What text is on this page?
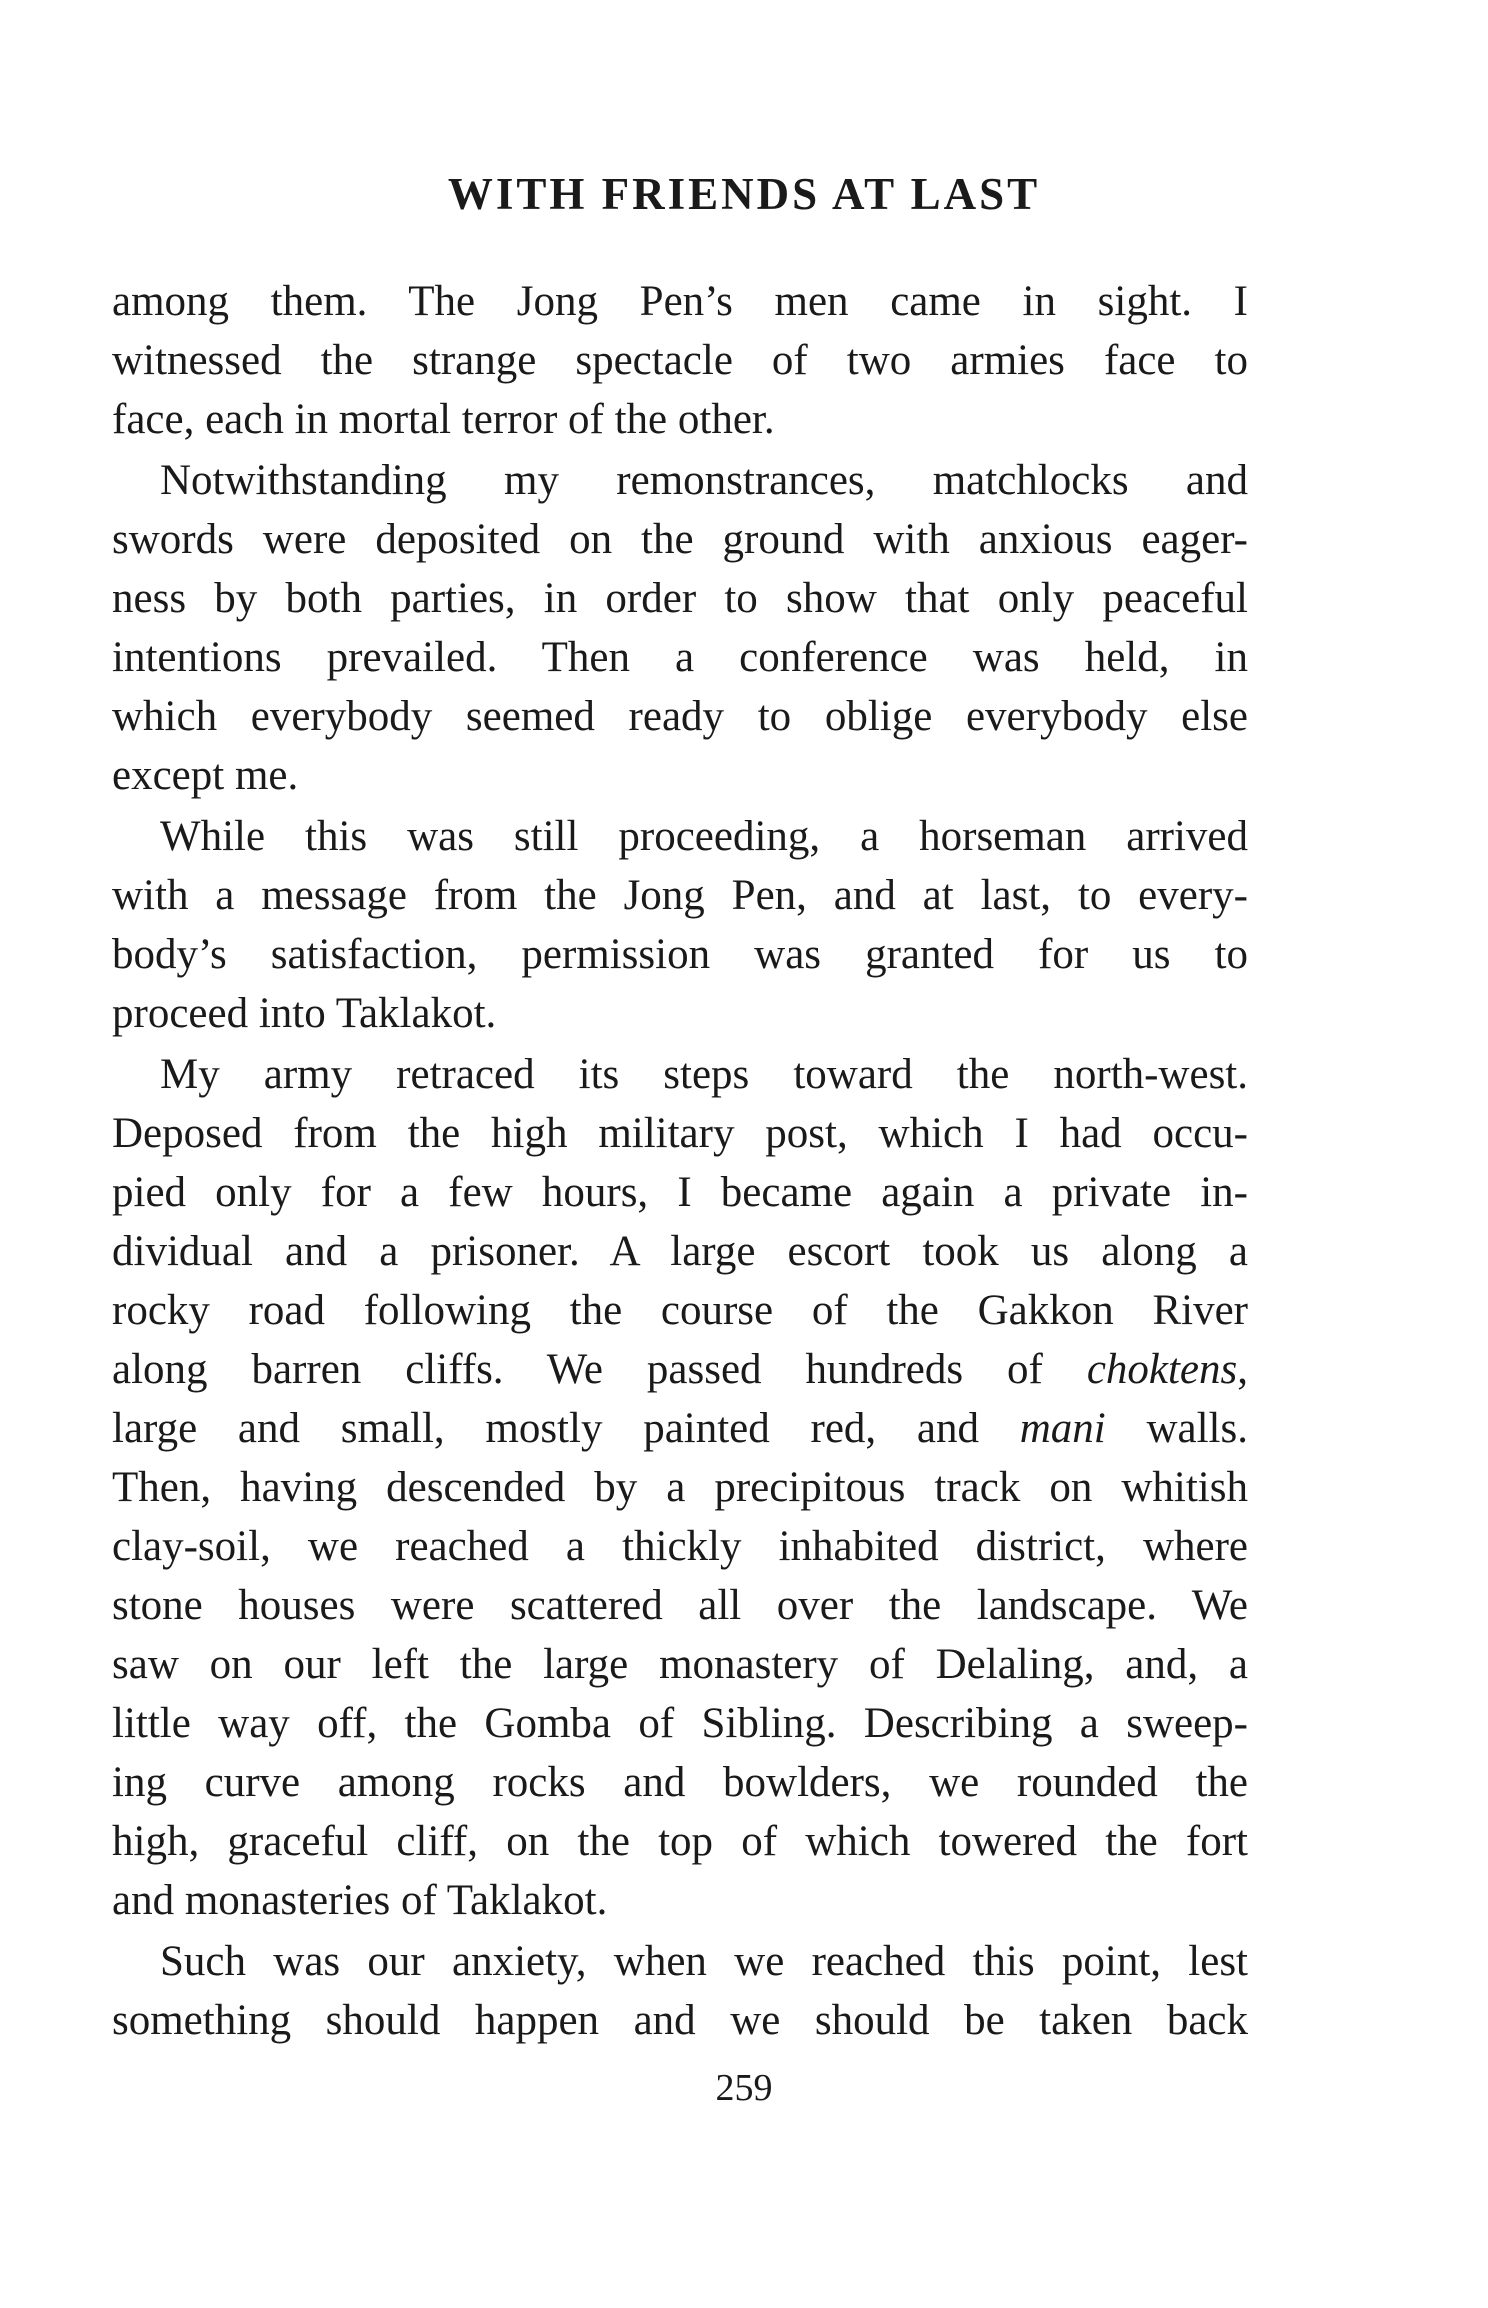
WITH FRIENDS AT LAST

among them. The Jong Pen’s men came in sight. I
witnessed the strange spectacle of two armies face to
face, each in mortal terror of the other.

Notwithstanding my remonstrances, matchlocks and
swords were deposited on the ground with anxious eager-
ness by both parties, in order to show that only peaceful
intentions prevailed. Then a conference was held, in
which everybody seemed ready to oblige everybody else
except me.

While this was still proceeding, a horseman arrived
with a message from the Jong Pen, and at last, to every-
body’s satisfaction, permission was granted for us to
proceed into Taklakot.

My army retraced its steps toward the north-west.
Deposed from the high military post, which I had occu-
pied only for a few hours, I became again a private in-
dividual and a prisoner. A large escort took us along a
rocky road following the course of the Gakkon River
along barren cliffs. We passed hundreds of choktens,
large and small, mostly painted red, and mani walls.
Then, having descended by a precipitous track on whitish
clay-soil, we reached a thickly inhabited district, where
stone houses were scattered all over the landscape. We
saw on our left the large monastery of Delaling, and, a
little way off, the Gomba of Sibling. Describing a sweep-
ing curve among rocks and bowlders, we rounded the
high, graceful cliff, on the top of which towered the fort
and monasteries of Taklakot.

Such was our anxiety, when we reached this point, lest
something should happen and we should be taken back

259
